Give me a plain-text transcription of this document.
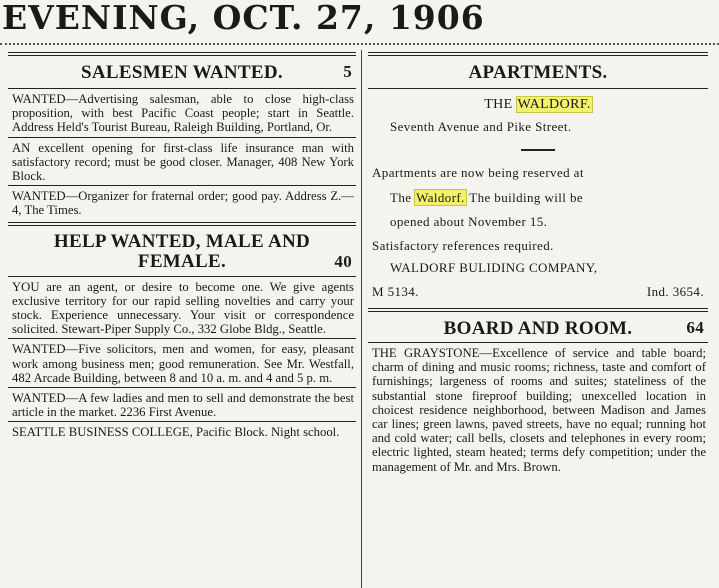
EVENING, OCT. 27, 1906
SALESMEN WANTED.	5
WANTED—Advertising salesman, able to close high-class proposition, with best Pacific Coast people; start in Seattle. Address Held's Tourist Bureau, Raleigh Building, Portland, Or.
AN excellent opening for first-class life insurance man with satisfactory record; must be good closer. Manager, 408 New York Block.
WANTED—Organizer for fraternal order; good pay. Address Z.—4, The Times.
HELP WANTED, MALE AND
FEMALE.	40
YOU are an agent, or desire to become one. We give agents exclusive territory for our rapid selling novelties and carry your stock. Experience unnecessary. Your visit or correspondence solicited. Stewart-Piper Supply Co., 332 Globe Bldg., Seattle.
WANTED—Five solicitors, men and women, for easy, pleasant work among business men; good remuneration. See Mr. Westfall, 482 Arcade Building, between 8 and 10 a. m. and 4 and 5 p. m.
WANTED—A few ladies and men to sell and demonstrate the best article in the market. 2236 First Avenue.
SEATTLE BUSINESS COLLEGE, Pacific Block. Night school.
APARTMENTS.
THE WALDORF.
Seventh Avenue and Pike Street.
Apartments are now being reserved at
The Waldorf. The building will be
opened about November 15.
Satisfactory references required.
WALDORF BULIDING COMPANY,
M 5134.	Ind. 3654.
BOARD AND ROOM.	64
THE GRAYSTONE—Excellence of service and table board; charm of dining and music rooms; richness, taste and comfort of furnishings; largeness of rooms and suites; stateliness of the substantial stone fireproof building; unexcelled location in choicest residence neighborhood, between Madison and James car lines; green lawns, paved streets, have no equal; running hot and cold water; call bells, closets and telephones in every room; electric lighted, steam heated; terms defy competition; under the management of Mr. and Mrs. Brown.
